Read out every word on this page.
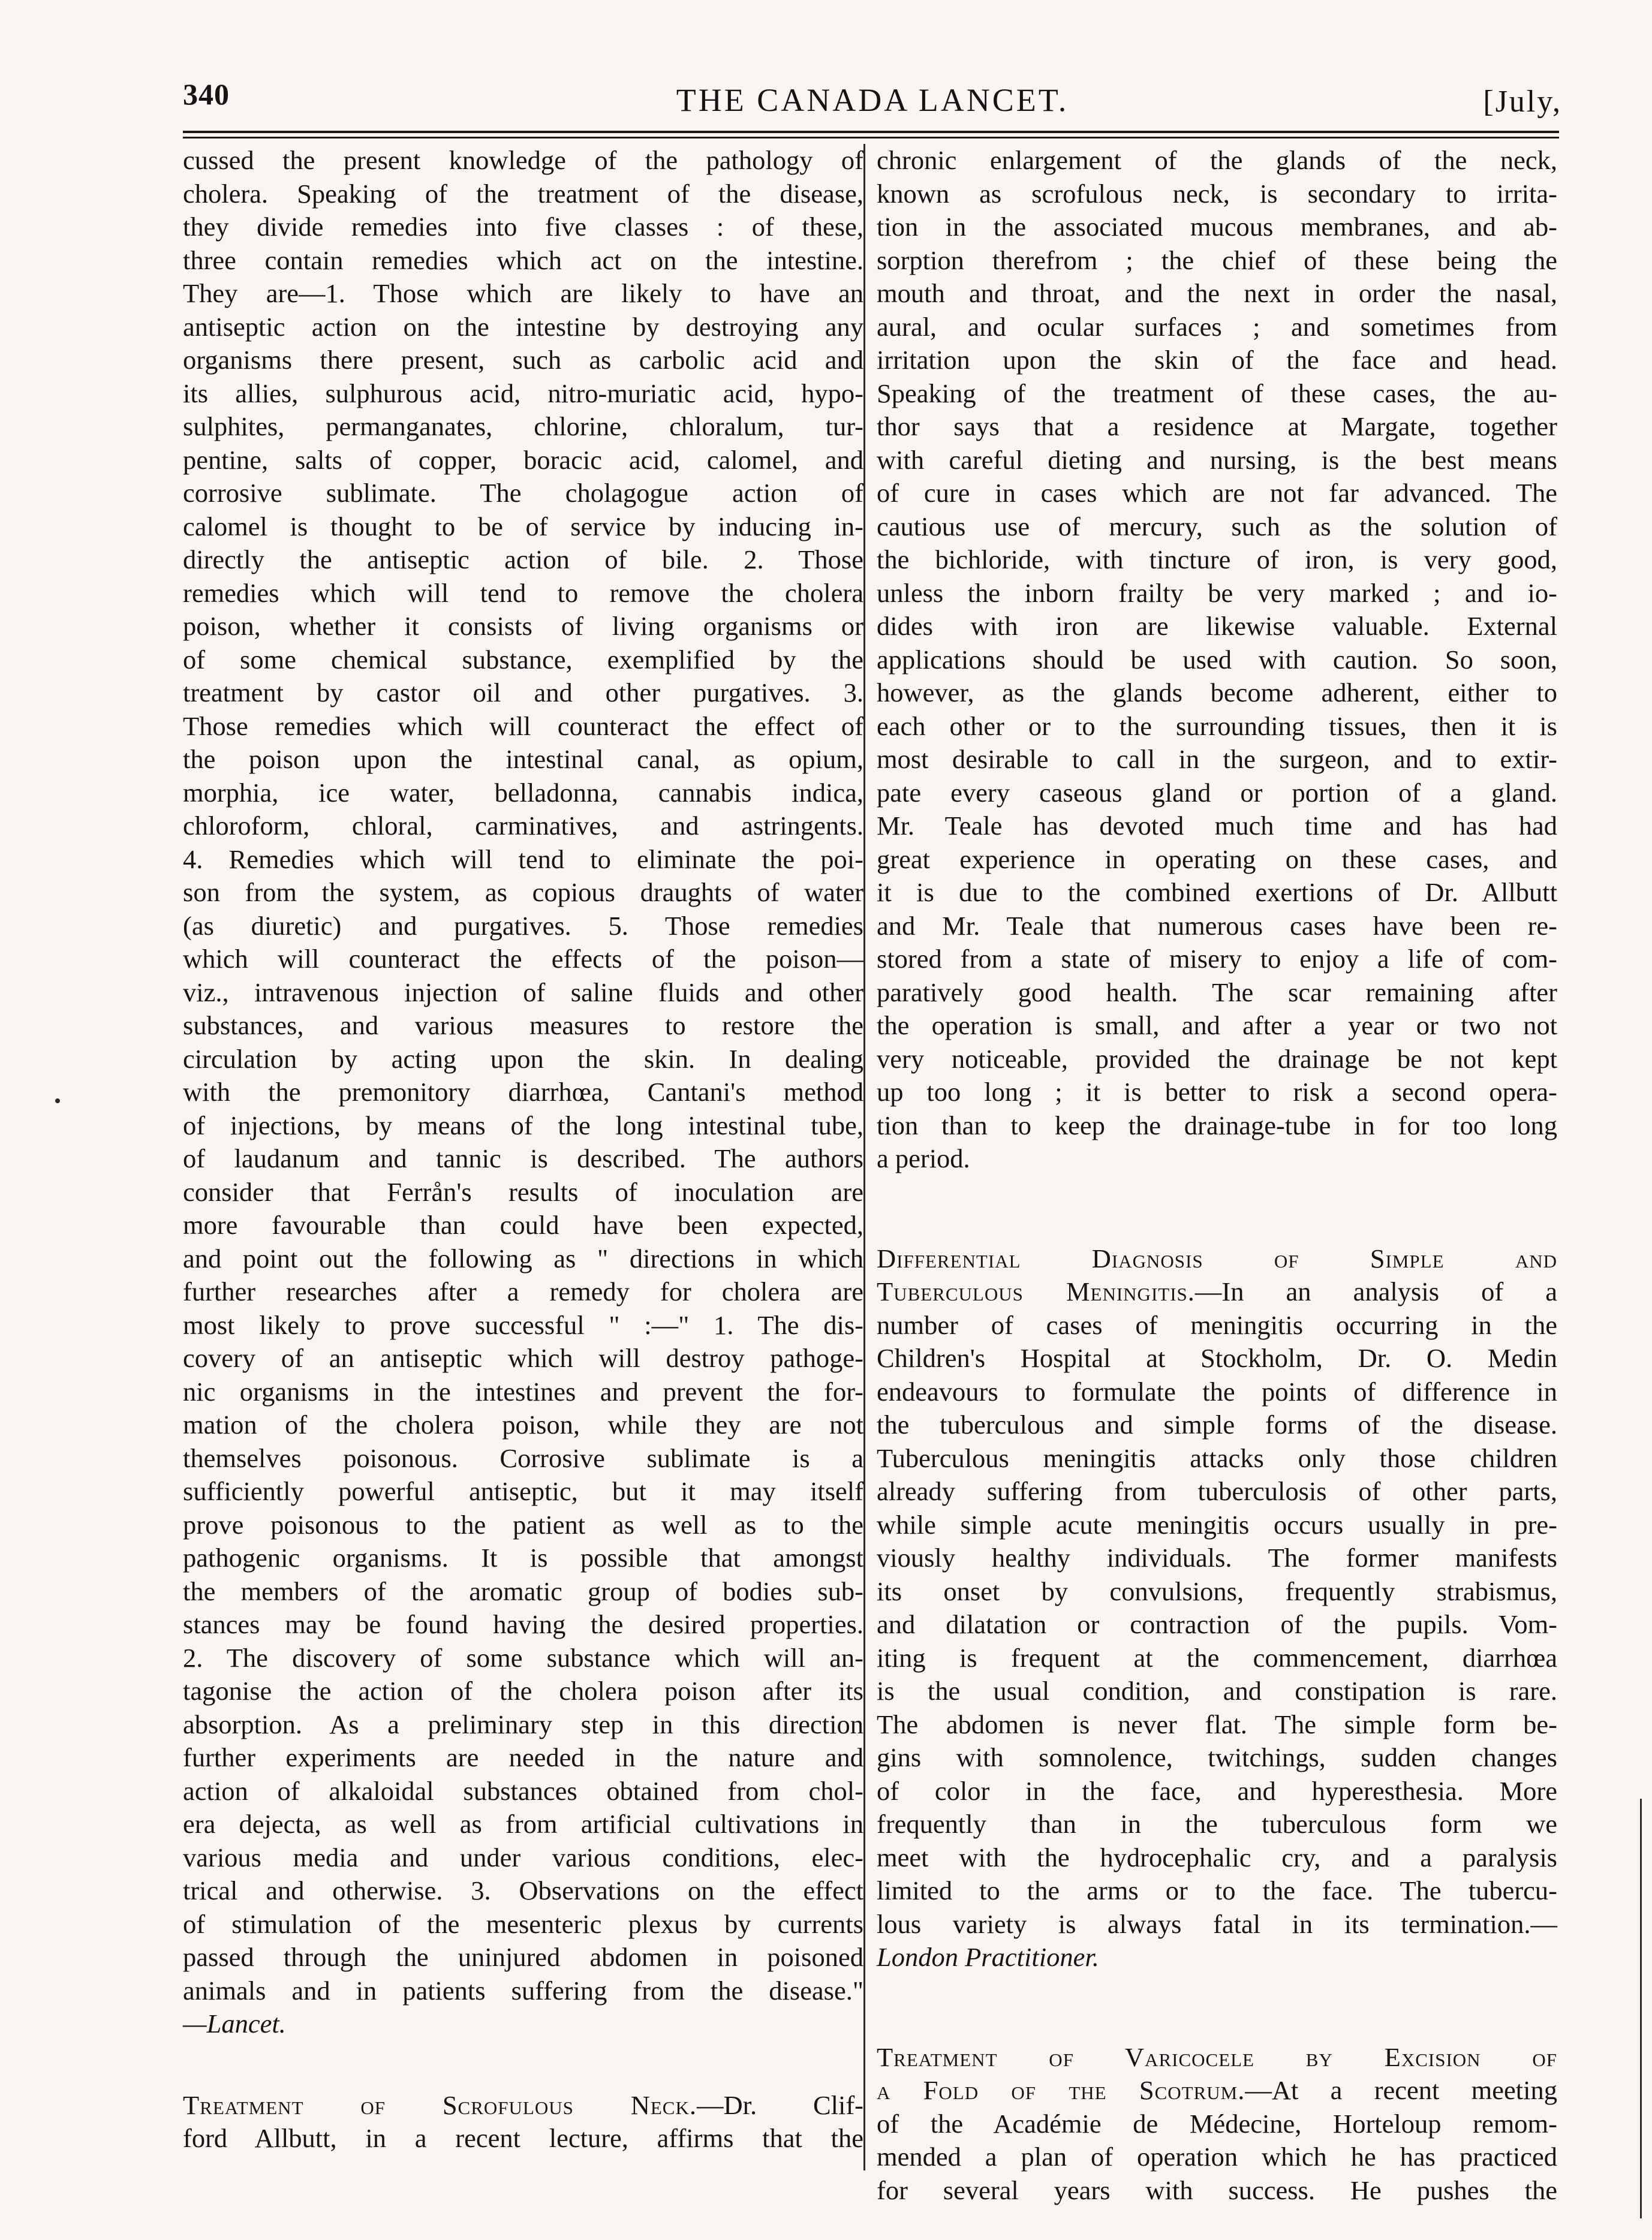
340	THE CANADA LANCET.	[July,
cussed the present knowledge of the pathology of
cholera. Speaking of the treatment of the disease,
they divide remedies into five classes : of these,
three contain remedies which act on the intestine.
They are—1. Those which are likely to have an
antiseptic action on the intestine by destroying any
organisms there present, such as carbolic acid and
its allies, sulphurous acid, nitro-muriatic acid, hypo-
sulphites, permanganates, chlorine, chloralum, tur-
pentine, salts of copper, boracic acid, calomel, and
corrosive sublimate. The cholagogue action of
calomel is thought to be of service by inducing in-
directly the antiseptic action of bile. 2. Those
remedies which will tend to remove the cholera
poison, whether it consists of living organisms or
of some chemical substance, exemplified by the
treatment by castor oil and other purgatives. 3.
Those remedies which will counteract the effect of
the poison upon the intestinal canal, as opium,
morphia, ice water, belladonna, cannabis indica,
chloroform, chloral, carminatives, and astringents.
4. Remedies which will tend to eliminate the poi-
son from the system, as copious draughts of water
(as diuretic) and purgatives. 5. Those remedies
which will counteract the effects of the poison—
viz., intravenous injection of saline fluids and other
substances, and various measures to restore the
circulation by acting upon the skin. In dealing
with the premonitory diarrhœa, Cantani's method
of injections, by means of the long intestinal tube,
of laudanum and tannic is described. The authors
consider that Ferrån's results of inoculation are
more favourable than could have been expected,
and point out the following as " directions in which
further researches after a remedy for cholera are
most likely to prove successful " :—" 1. The dis-
covery of an antiseptic which will destroy pathoge-
nic organisms in the intestines and prevent the for-
mation of the cholera poison, while they are not
themselves poisonous. Corrosive sublimate is a
sufficiently powerful antiseptic, but it may itself
prove poisonous to the patient as well as to the
pathogenic organisms. It is possible that amongst
the members of the aromatic group of bodies sub-
stances may be found having the desired properties.
2. The discovery of some substance which will an-
tagonise the action of the cholera poison after its
absorption. As a preliminary step in this direction
further experiments are needed in the nature and
action of alkaloidal substances obtained from chol-
era dejecta, as well as from artificial cultivations in
various media and under various conditions, elec-
trical and otherwise. 3. Observations on the effect
of stimulation of the mesenteric plexus by currents
passed through the uninjured abdomen in poisoned
animals and in patients suffering from the disease."
—Lancet.
Treatment of Scrofulous Neck.—Dr. Clif-
ford Allbutt, in a recent lecture, affirms that the
chronic enlargement of the glands of the neck,
known as scrofulous neck, is secondary to irrita-
tion in the associated mucous membranes, and ab-
sorption therefrom ; the chief of these being the
mouth and throat, and the next in order the nasal,
aural, and ocular surfaces ; and sometimes from
irritation upon the skin of the face and head.
Speaking of the treatment of these cases, the au-
thor says that a residence at Margate, together
with careful dieting and nursing, is the best means
of cure in cases which are not far advanced. The
cautious use of mercury, such as the solution of
the bichloride, with tincture of iron, is very good,
unless the inborn frailty be very marked ; and io-
dides with iron are likewise valuable. External
applications should be used with caution. So soon,
however, as the glands become adherent, either to
each other or to the surrounding tissues, then it is
most desirable to call in the surgeon, and to extir-
pate every caseous gland or portion of a gland.
Mr. Teale has devoted much time and has had
great experience in operating on these cases, and
it is due to the combined exertions of Dr. Allbutt
and Mr. Teale that numerous cases have been re-
stored from a state of misery to enjoy a life of com-
paratively good health. The scar remaining after
the operation is small, and after a year or two not
very noticeable, provided the drainage be not kept
up too long ; it is better to risk a second opera-
tion than to keep the drainage-tube in for too long
a period.
Differential Diagnosis of Simple and
Tuberculous Meningitis.—In an analysis of a
number of cases of meningitis occurring in the
Children's Hospital at Stockholm, Dr. O. Medin
endeavours to formulate the points of difference in
the tuberculous and simple forms of the disease.
Tuberculous meningitis attacks only those children
already suffering from tuberculosis of other parts,
while simple acute meningitis occurs usually in pre-
viously healthy individuals. The former manifests
its onset by convulsions, frequently strabismus,
and dilatation or contraction of the pupils. Vom-
iting is frequent at the commencement, diarrhœa
is the usual condition, and constipation is rare.
The abdomen is never flat. The simple form be-
gins with somnolence, twitchings, sudden changes
of color in the face, and hyperesthesia. More
frequently than in the tuberculous form we
meet with the hydrocephalic cry, and a paralysis
limited to the arms or to the face. The tubercu-
lous variety is always fatal in its termination.—
London Practitioner.
Treatment of Varicocele by Excision of
a Fold of the Scotrum.—At a recent meeting
of the Académie de Médecine, Horteloup remom-
mended a plan of operation which he has practiced
for several years with success. He pushes the
